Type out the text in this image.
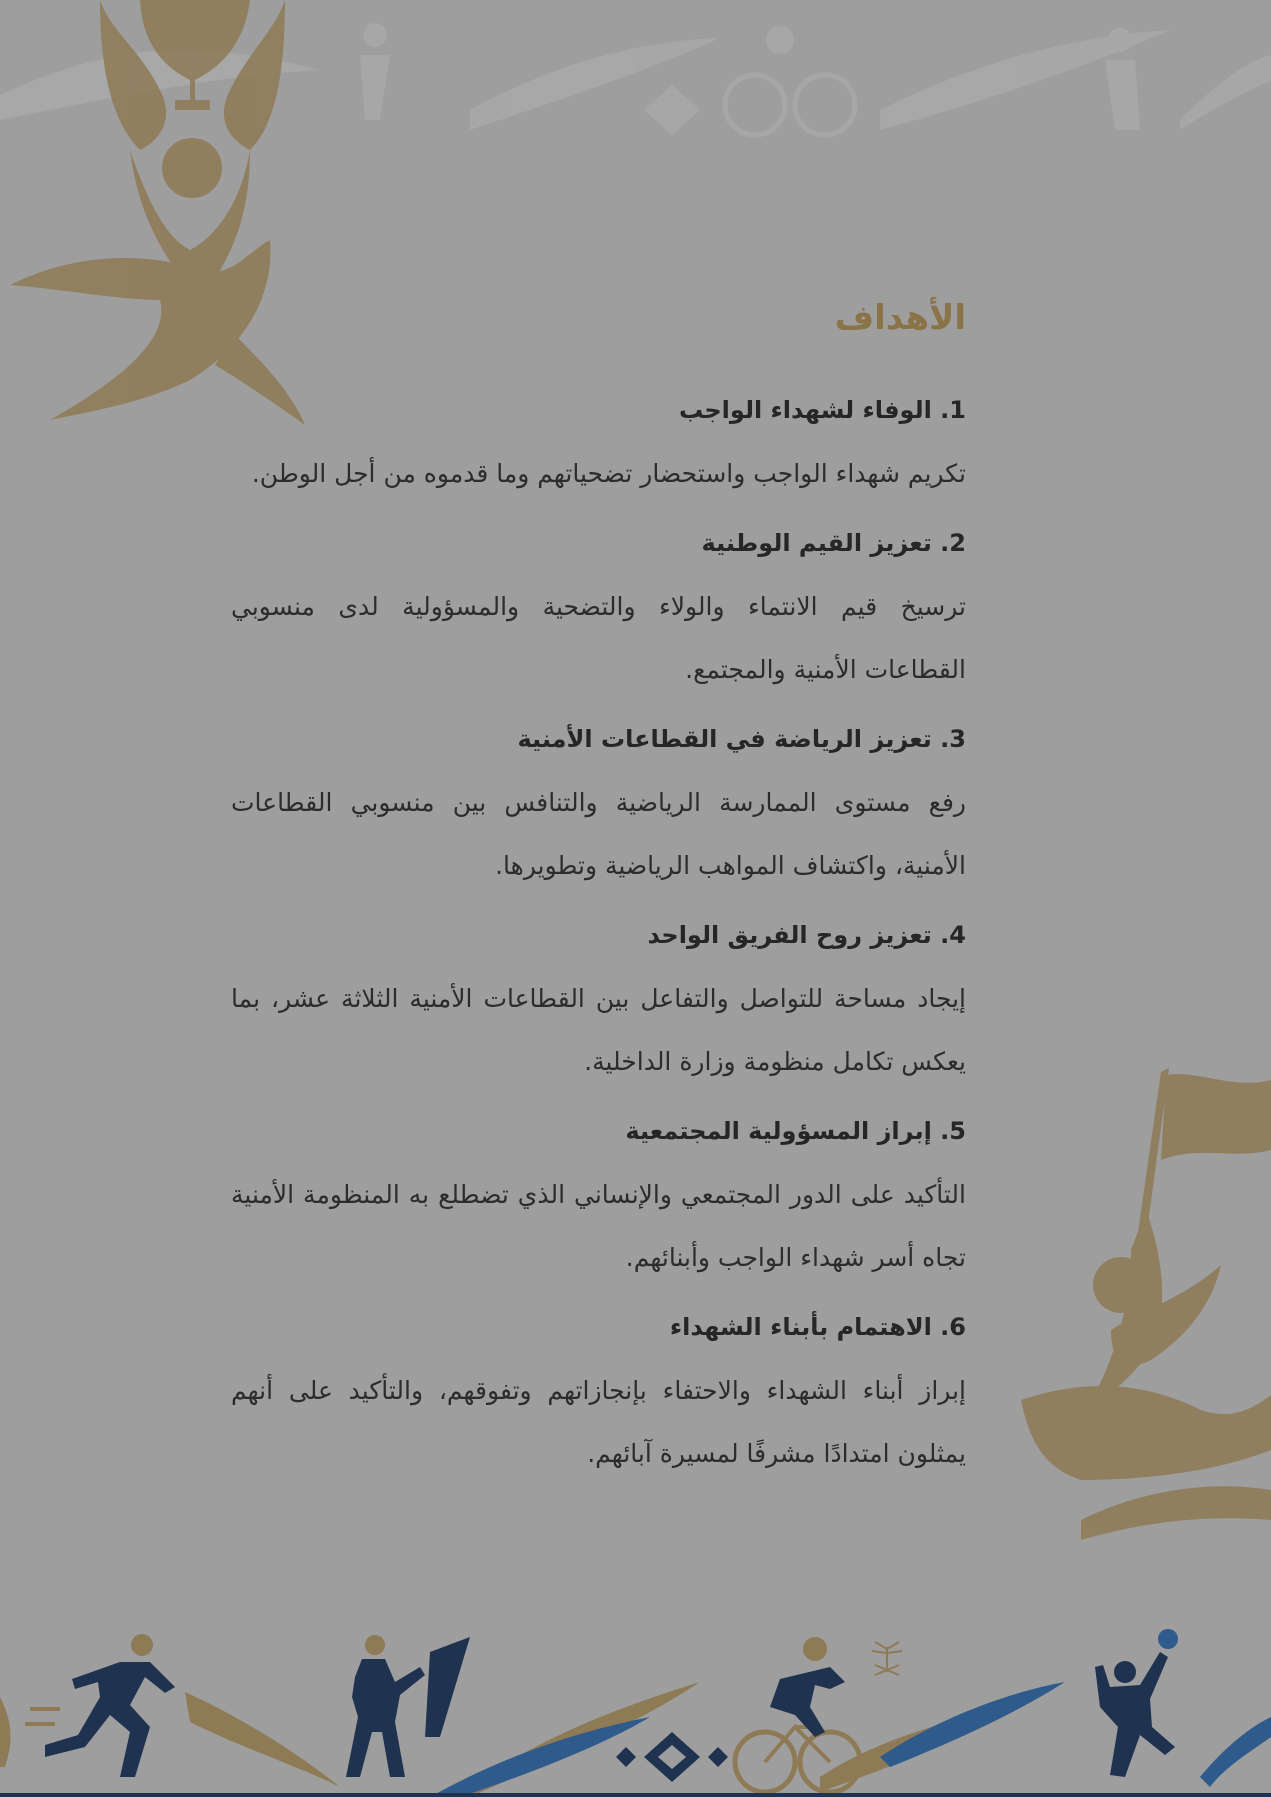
الأهداف
1. الوفاء لشهداء الواجب

تكريم شهداء الواجب واستحضار تضحياتهم وما قدموه من أجل الوطن.

2. تعزيز القيم الوطنية

ترسيخ قيم الانتماء والولاء والتضحية والمسؤولية لدى منسوبي القطاعات الأمنية والمجتمع.

3. تعزيز الرياضة في القطاعات الأمنية

رفع مستوى الممارسة الرياضية والتنافس بين منسوبي القطاعات الأمنية، واكتشاف المواهب الرياضية وتطويرها.

4. تعزيز روح الفريق الواحد

إيجاد مساحة للتواصل والتفاعل بين القطاعات الأمنية الثلاثة عشر، بما يعكس تكامل منظومة وزارة الداخلية.

5. إبراز المسؤولية المجتمعية

التأكيد على الدور المجتمعي والإنساني الذي تضطلع به المنظومة الأمنية تجاه أسر شهداء الواجب وأبنائهم.

6. الاهتمام بأبناء الشهداء

إبراز أبناء الشهداء والاحتفاء بإنجازاتهم وتفوقهم، والتأكيد على أنهم يمثلون امتدادًا مشرفًا لمسيرة آبائهم.
